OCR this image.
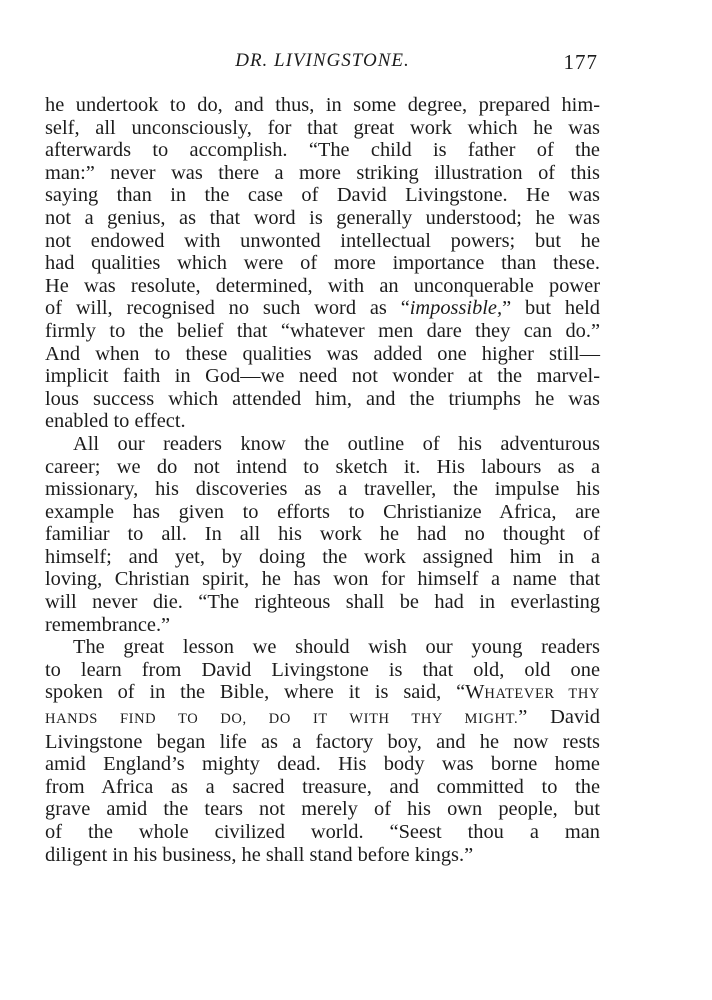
DR. LIVINGSTONE.	177
he undertook to do, and thus, in some degree, prepared him-
self, all unconsciously, for that great work which he was
afterwards to accomplish. “The child is father of the
man:” never was there a more striking illustration of this
saying than in the case of David Livingstone. He was
not a genius, as that word is generally understood; he was
not endowed with unwonted intellectual powers; but he
had qualities which were of more importance than these.
He was resolute, determined, with an unconquerable power
of will, recognised no such word as “impossible,” but held
firmly to the belief that “whatever men dare they can do.”
And when to these qualities was added one higher still—
implicit faith in God—we need not wonder at the marvel-
lous success which attended him, and the triumphs he was
enabled to effect.
All our readers know the outline of his adventurous
career; we do not intend to sketch it. His labours as a
missionary, his discoveries as a traveller, the impulse his
example has given to efforts to Christianize Africa, are
familiar to all. In all his work he had no thought of
himself; and yet, by doing the work assigned him in a
loving, Christian spirit, he has won for himself a name that
will never die. “The righteous shall be had in everlasting
remembrance.”
The great lesson we should wish our young readers
to learn from David Livingstone is that old, old one
spoken of in the Bible, where it is said, “WHATEVER THY
HANDS FIND TO DO, DO IT WITH THY MIGHT.” David
Livingstone began life as a factory boy, and he now rests
amid England’s mighty dead. His body was borne home
from Africa as a sacred treasure, and committed to the
grave amid the tears not merely of his own people, but
of the whole civilized world. “Seest thou a man
diligent in his business, he shall stand before kings.”
